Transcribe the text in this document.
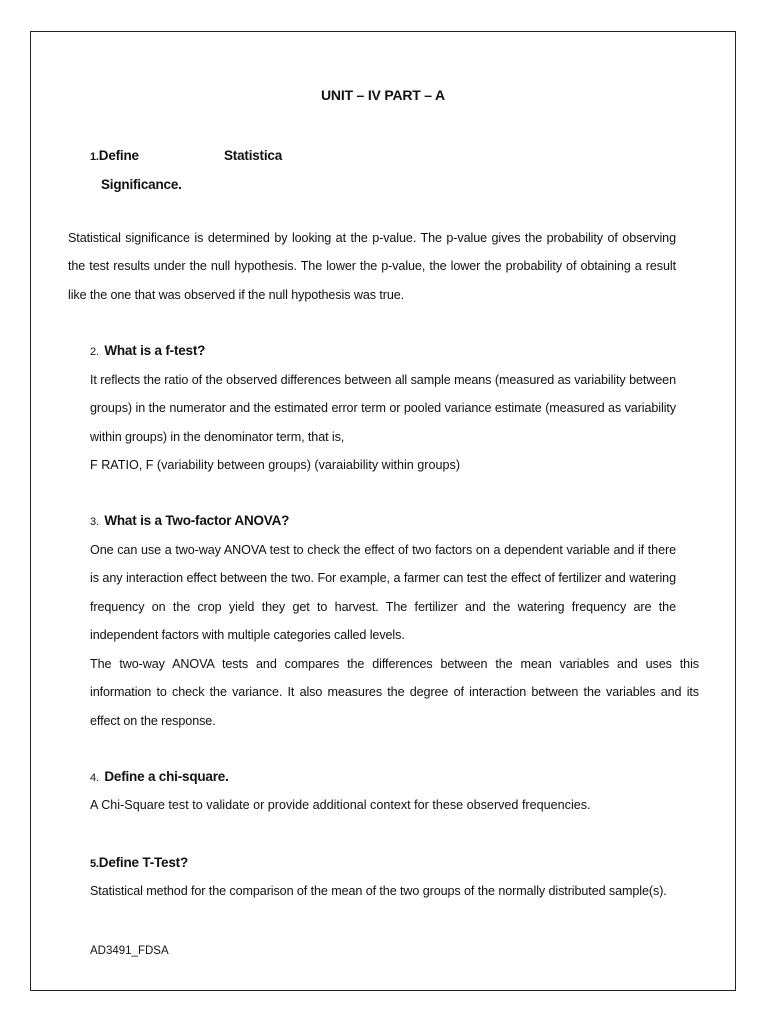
UNIT – IV PART – A
1.Define	Statistica
Significance.
Statistical significance is determined by looking at the p-value. The p-value gives the probability of observing the test results under the null hypothesis. The lower the p-value, the lower the probability of obtaining a result like the one that was observed if the null hypothesis was true.
2. What is a f-test?
It reflects the ratio of the observed differences between all sample means (measured as variability between groups) in the numerator and the estimated error term or pooled variance estimate (measured as variability within groups) in the denominator term, that is,
F RATIO, F (variability between groups) (varaiability within groups)
3. What is a Two-factor ANOVA?
One can use a two-way ANOVA test to check the effect of two factors on a dependent variable and if there is any interaction effect between the two. For example, a farmer can test the effect of fertilizer and watering frequency on the crop yield they get to harvest. The fertilizer and the watering frequency are the independent factors with multiple categories called levels.
The two-way ANOVA tests and compares the differences between the mean variables and uses this information to check the variance. It also measures the degree of interaction between the variables and its effect on the response.
4. Define a chi-square.
A Chi-Square test to validate or provide additional context for these observed frequencies.
5.Define T-Test?
Statistical method for the comparison of the mean of the two groups of the normally distributed sample(s).
AD3491_FDSA
